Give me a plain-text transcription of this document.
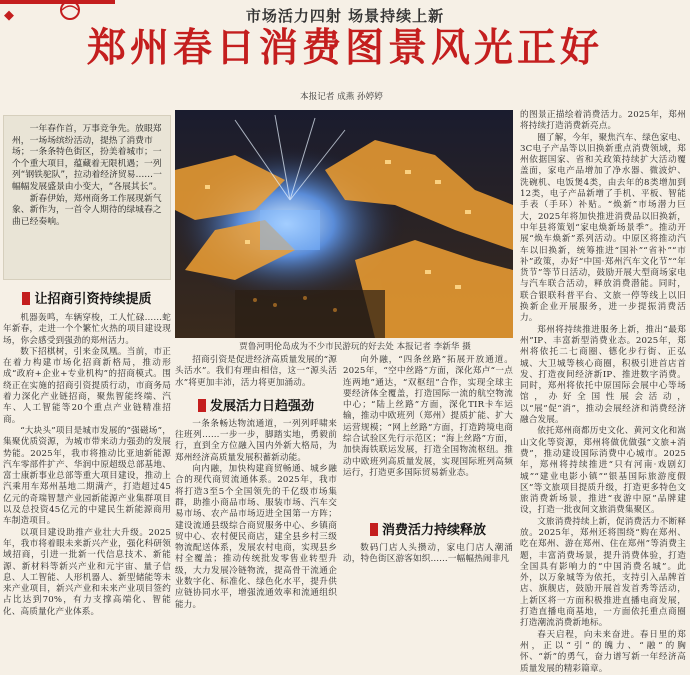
◆	市场活力四射 场景持续上新
郑州春日消费图景风光正好
本报记者 成燕 孙婷婷

一年春作首，万事竞争先。放眼郑州，一场场缤纷活动，提热了消费市场；一条条特色街区，扮美着城市；一个个重大项目，蕴藏着无限机遇；一列列“钢铁驼队”，拉动着经济贸易……一幅幅发展盛景由小变大，“各展其长”。

新春伊始，郑州商务工作展现新气象、新作为，一首令人期待的绿城春之曲已经奏响。

让招商引资持续提质

机器轰鸣，车辆穿梭，工人忙碌……蛇年新春，走进一个个繁忙火热的项目建设现场，你会感受到强劲的郑州活力。

数下招棋树，引来金凤凰。当前，市正在着力构建市场化招商新格局，推动形成“政府+企业+专业机构”的招商模式。围绕正在实施的招商引资提质行动，市商务局着力深化产业链招商，聚焦智能终端、汽车、人工智能等20个重点产业链精准招商。

“大块头”项目是城市发展的“强磁场”，集聚优质资源，为城市带来动力强劲的发展势能。2025年，我市将推动比亚迪新能源汽车零部件扩产、华润中原超级总部基地、富士康新事业总部等重大项目建设，推动上汽乘用车郑州基地二期满产，打造超过45亿元的奇瑞智慧产业园新能源产业集群项目以及总投资45亿元的中建民生新能源商用车制造项目。

以项目建设助推产业壮大升级。2025年，我市将着眼未来新兴产业，强化科研领域招商，引进一批新一代信息技术、新能源、新材料等新兴产业和元宇宙、量子信息、人工智能、人形机器人、新型储能等未来产业项目，新兴产业和未来产业项目签约占比达到70%，有力支撑高端化、智能化、高质量化产业体系。

贾鲁河明伦岛成为不少市民游玩的好去处 本报记者 李新华 摄

招商引资是促进经济高质量发展的“源头活水”。我们有理由相信，这一“源头活水”将更加丰沛，活力将更加涌动。

发展活力日趋强劲

一条条畅达物流通道，一列列呼啸来往班列……一步一步，脚踏实地，勇毅前行，直到全方位融入国内外新大格局，为郑州经济高质量发展积蓄新动能。

向内融，加快构建商贸畅通、城乡融合的现代商贸流通体系。2025年，我市将打造3至5个全国领先的千亿级市场集群，助推小商品市场、服装市场、汽车交易市场、农产品市场迈进全国第一方阵；建设流通县级综合商贸服务中心、乡镇商贸中心、农村便民商店，建全县乡村三级物流配送体系，发展农村电商，实现县乡村全覆盖；推动传统批发零售业转型升级，大力发展冷链物流，提高骨干流通企业数字化、标准化、绿色化水平，提升供应链协同水平，增强流通效率和流通组织能力。

向外融，“四条丝路”拓展开放通道。2025年，“空中丝路”方面，深化郑卢“一点连两地”通达，“双枢纽”合作，实现全球主要经济体全覆盖，打造国际一流的航空物流中心；“陆上丝路”方面，深化TIR卡车运输，推动中欧班列（郑州）提质扩能、扩大运营规模；“网上丝路”方面，打造跨境电商综合试验区先行示范区；“海上丝路”方面，加快海铁联运发展，打造全国物流枢纽。推动中欧班列高质量发展，实现国际班列高频运行，打造更多国际贸易新业态。

消费活力持续释放

数码门店人头攒动，家电门店人潮涌动，特色街区游客如织……一幅幅热闹非凡

的图景正描绘着消费活力。2025年，郑州将持续打造消费新亮点。

圈了解，今年，聚焦汽车、绿色家电、3C电子产品等以旧换新重点消费领域，郑州依据国家、省和关政策持续扩大活动覆盖面，家电产品增加了净水器、微波炉、洗碗机、电饭煲4类，由去年的8类增加到12类，电子产品新增了手机、平板、智能手表（手环）补贴。“焕新”市场潜力巨大，2025年将加快推进消费品以旧换新，中年县将策划“家电焕新场景季”。推动开展“焕车焕新”系列活动。中原区将推动汽车以旧换新，统筹推进“国补”“省补”“市补”政策，办好“中国·郑州汽车文化节”“年货节”等节日活动，鼓励开展大型商场家电与汽车联合活动，释放消费潜能。同时，联合银联科普平台、文旅一停等线上以旧换新企业开展服务，进一步提振消费活力。

郑州将持续推进服务上新，推出“最郑州”IP、丰富新型消费业态。2025年，郑州将依托二七商圈、德化步行街、正弘城、大卫城等核心商圈，积极引进首店首发、打造夜间经济新IP、推进数字消费。同时，郑州将依托中原国际会展中心等场馆，办好全国性展会活动，以“展”促“消”，推动会展经济和消费经济融合发展。

依托郑州商都历史文化、黄河文化和嵩山文化等资源，郑州将做优做强“文旅+消费”，推动建设国际消费中心城市。2025年，郑州将持续推进“只有河南·戏剧幻城”“建业电影小镇”“银基国际旅游度假区”等文旅项目提质升级，打造更多特色文旅消费新场景，推进“夜游中原”品牌建设，打造一批夜间文旅消费集聚区。

文旅消费持续上新，促消费活力不断释放。2025年，郑州还将围绕“购在郑州、吃在郑州、游在郑州、住在郑州”等消费主题，丰富消费场景，提升消费体验，打造全国具有影响力的“中国消费名城”。此外，以万象城等为依托，支持引入品牌首店、旗舰店，鼓励开展首发首秀等活动，上新区将一方面积极推进直播电商发展，打造直播电商基地，一方面依托重点商圈打造潮流消费新地标。

春天启程，向未来奋进。春日里的郑州，正以“引”的魄力、“融”的胸怀、“新”的勇气，奋力谱写新一年经济高质量发展的精彩篇章。
